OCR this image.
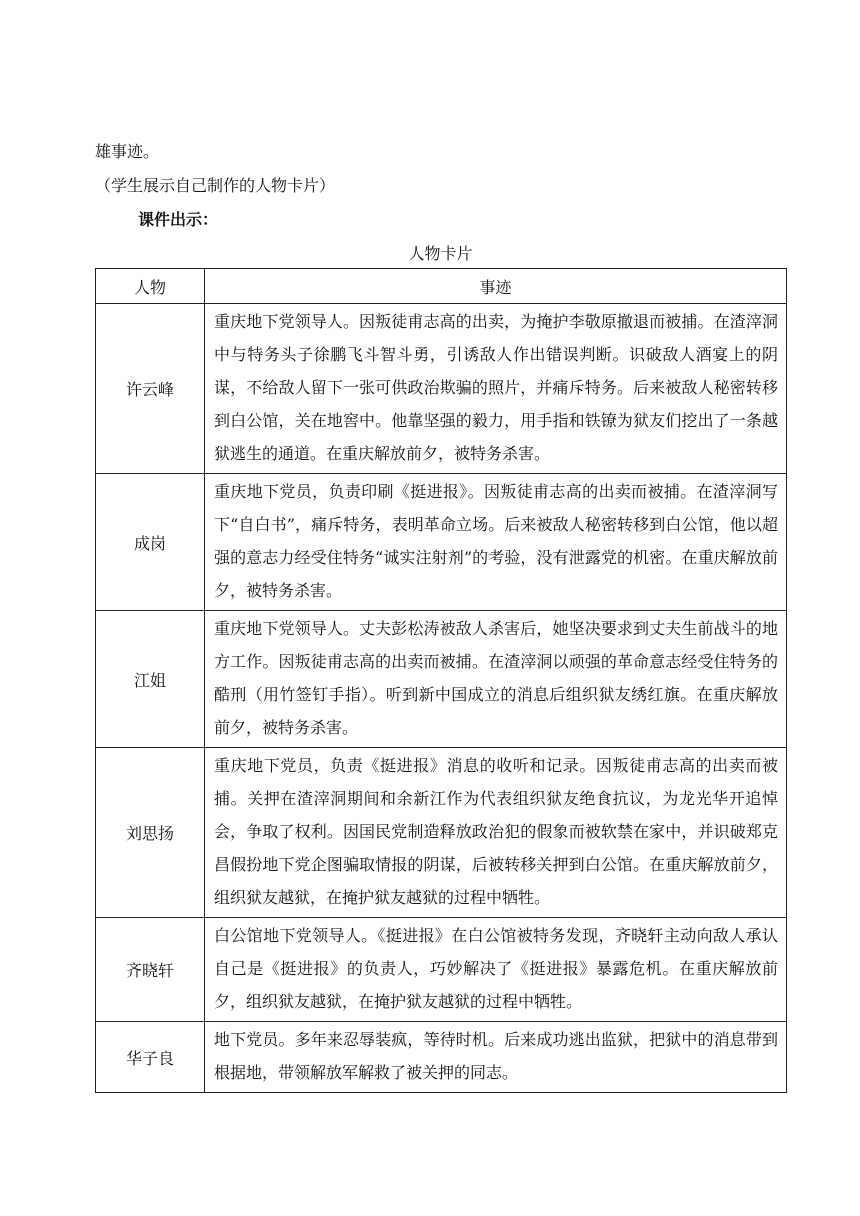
雄事迹。
（学生展示自己制作的人物卡片）
课件出示：
人物卡片
人物	事迹
许云峰	重庆地下党领导人。因叛徒甫志高的出卖，为掩护李敬原撤退而被捕。在渣滓洞中与特务头子徐鹏飞斗智斗勇，引诱敌人作出错误判断。识破敌人酒宴上的阴谋，不给敌人留下一张可供政治欺骗的照片，并痛斥特务。后来被敌人秘密转移到白公馆，关在地窖中。他靠坚强的毅力，用手指和铁镣为狱友们挖出了一条越狱逃生的通道。在重庆解放前夕，被特务杀害。
成岗	重庆地下党员，负责印刷《挺进报》。因叛徒甫志高的出卖而被捕。在渣滓洞写下“自白书”，痛斥特务，表明革命立场。后来被敌人秘密转移到白公馆，他以超强的意志力经受住特务“诚实注射剂”的考验，没有泄露党的机密。在重庆解放前夕，被特务杀害。
江姐	重庆地下党领导人。丈夫彭松涛被敌人杀害后，她坚决要求到丈夫生前战斗的地方工作。因叛徒甫志高的出卖而被捕。在渣滓洞以顽强的革命意志经受住特务的酷刑（用竹签钉手指）。听到新中国成立的消息后组织狱友绣红旗。在重庆解放前夕，被特务杀害。
刘思扬	重庆地下党员，负责《挺进报》消息的收听和记录。因叛徒甫志高的出卖而被捕。关押在渣滓洞期间和余新江作为代表组织狱友绝食抗议，为龙光华开追悼会，争取了权利。因国民党制造释放政治犯的假象而被软禁在家中，并识破郑克昌假扮地下党企图骗取情报的阴谋，后被转移关押到白公馆。在重庆解放前夕，组织狱友越狱，在掩护狱友越狱的过程中牺牲。
齐晓轩	白公馆地下党领导人。《挺进报》在白公馆被特务发现，齐晓轩主动向敌人承认自己是《挺进报》的负责人，巧妙解决了《挺进报》暴露危机。在重庆解放前夕，组织狱友越狱，在掩护狱友越狱的过程中牺牲。
华子良	地下党员。多年来忍辱装疯，等待时机。后来成功逃出监狱，把狱中的消息带到根据地，带领解放军解救了被关押的同志。
